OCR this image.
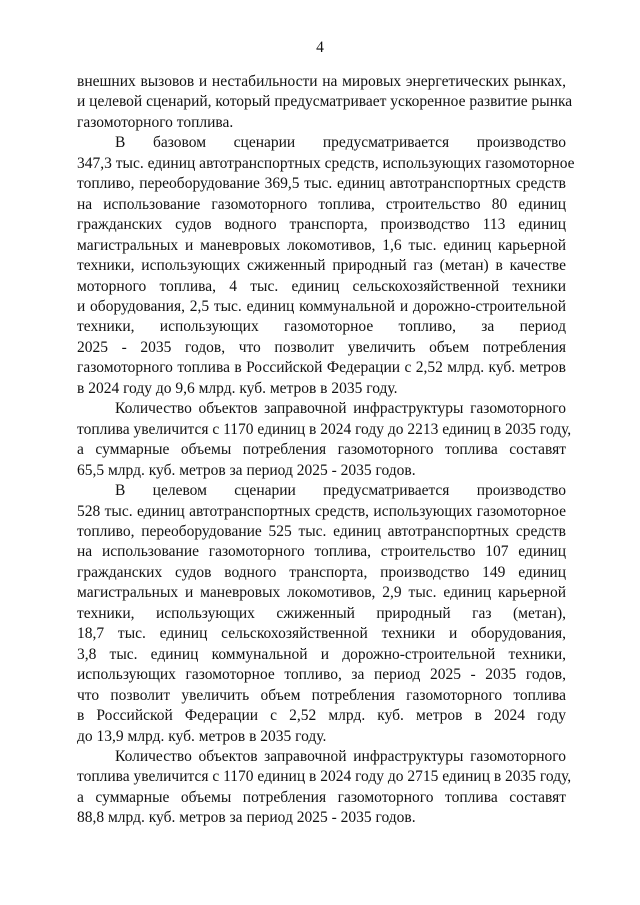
4
внешних вызовов и нестабильности на мировых энергетических рынках,
и целевой сценарий, который предусматривает ускоренное развитие рынка
газомоторного топлива.
В базовом сценарии предусматривается производство
347,3 тыс. единиц автотранспортных средств, использующих газомоторное
топливо, переоборудование 369,5 тыс. единиц автотранспортных средств
на использование газомоторного топлива, строительство 80 единиц
гражданских судов водного транспорта, производство 113 единиц
магистральных и маневровых локомотивов, 1,6 тыс. единиц карьерной
техники, использующих сжиженный природный газ (метан) в качестве
моторного топлива, 4 тыс. единиц сельскохозяйственной техники
и оборудования, 2,5 тыс. единиц коммунальной и дорожно-строительной
техники, использующих газомоторное топливо, за период
2025 - 2035 годов, что позволит увеличить объем потребления
газомоторного топлива в Российской Федерации с 2,52 млрд. куб. метров
в 2024 году до 9,6 млрд. куб. метров в 2035 году.
Количество объектов заправочной инфраструктуры газомоторного
топлива увеличится с 1170 единиц в 2024 году до 2213 единиц в 2035 году,
а суммарные объемы потребления газомоторного топлива составят
65,5 млрд. куб. метров за период 2025 - 2035 годов.
В целевом сценарии предусматривается производство
528 тыс. единиц автотранспортных средств, использующих газомоторное
топливо, переоборудование 525 тыс. единиц автотранспортных средств
на использование газомоторного топлива, строительство 107 единиц
гражданских судов водного транспорта, производство 149 единиц
магистральных и маневровых локомотивов, 2,9 тыс. единиц карьерной
техники, использующих сжиженный природный газ (метан),
18,7 тыс. единиц сельскохозяйственной техники и оборудования,
3,8 тыс. единиц коммунальной и дорожно-строительной техники,
использующих газомоторное топливо, за период 2025 - 2035 годов,
что позволит увеличить объем потребления газомоторного топлива
в Российской Федерации с 2,52 млрд. куб. метров в 2024 году
до 13,9 млрд. куб. метров в 2035 году.
Количество объектов заправочной инфраструктуры газомоторного
топлива увеличится с 1170 единиц в 2024 году до 2715 единиц в 2035 году,
а суммарные объемы потребления газомоторного топлива составят
88,8 млрд. куб. метров за период 2025 - 2035 годов.
